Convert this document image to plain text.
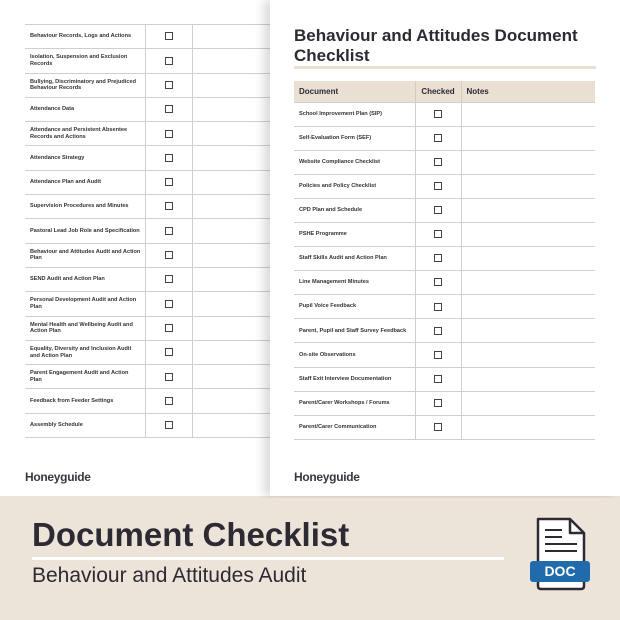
Behaviour Records, Logs and Actions		
Isolation, Suspension and Exclusion Records		
Bullying, Discriminatory and Prejudiced Behaviour Records		
Attendance Data		
Attendance and Persistent Absentee Records and Actions		
Attendance Strategy		
Attendance Plan and Audit		
Supervision Procedures and Minutes		
Pastoral Lead Job Role and Specification		
Behaviour and Attitudes Audit and Action Plan		
SEND Audit and Action Plan		
Personal Development Audit and Action Plan		
Mental Health and Wellbeing Audit and Action Plan		
Equality, Diversity and Inclusion Audit and Action Plan		
Parent Engagement Audit and Action Plan		
Feedback from Feeder Settings		
Assembly Schedule		
Honeyguide
Behaviour and Attitudes Document Checklist
Document	Checked	Notes
School Improvement Plan (SIP)		
Self-Evaluation Form (SEF)		
Website Compliance Checklist		
Policies and Policy Checklist		
CPD Plan and Schedule		
PSHE Programme		
Staff Skills Audit and Action Plan		
Line Management Minutes		
Pupil Voice Feedback		
Parent, Pupil and Staff Survey Feedback		
On-site Observations		
Staff Exit Interview Documentation		
Parent/Carer Workshops / Forums		
Parent/Carer Communication		
Honeyguide
Document Checklist
Behaviour and Attitudes Audit	DOC
